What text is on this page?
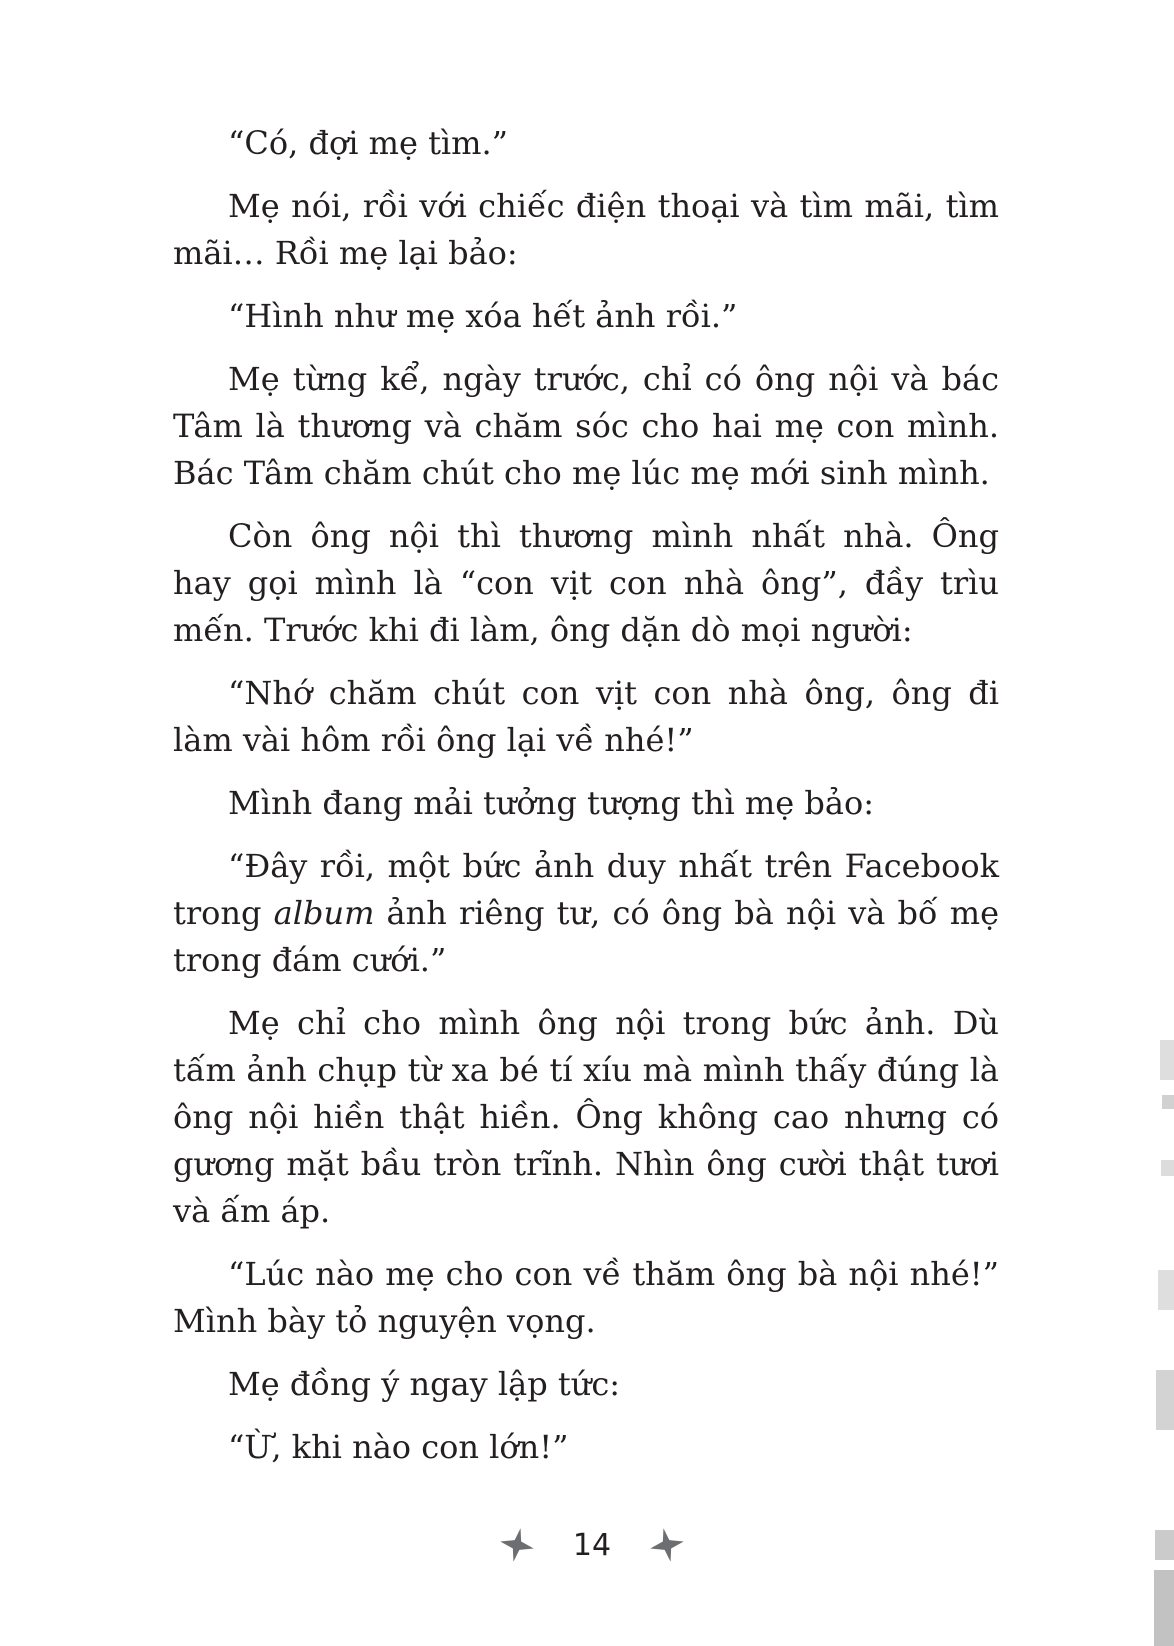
“Có, đợi mẹ tìm.”

Mẹ nói, rồi với chiếc điện thoại và tìm mãi, tìm mãi… Rồi mẹ lại bảo:

“Hình như mẹ xóa hết ảnh rồi.”

Mẹ từng kể, ngày trước, chỉ có ông nội và bác Tâm là thương và chăm sóc cho hai mẹ con mình. Bác Tâm chăm chút cho mẹ lúc mẹ mới sinh mình.

Còn ông nội thì thương mình nhất nhà. Ông hay gọi mình là “con vịt con nhà ông”, đầy trìu mến. Trước khi đi làm, ông dặn dò mọi người:

“Nhớ chăm chút con vịt con nhà ông, ông đi làm vài hôm rồi ông lại về nhé!”

Mình đang mải tưởng tượng thì mẹ bảo:

“Đây rồi, một bức ảnh duy nhất trên Facebook trong album ảnh riêng tư, có ông bà nội và bố mẹ trong đám cưới.”

Mẹ chỉ cho mình ông nội trong bức ảnh. Dù tấm ảnh chụp từ xa bé tí xíu mà mình thấy đúng là ông nội hiền thật hiền. Ông không cao nhưng có gương mặt bầu tròn trĩnh. Nhìn ông cười thật tươi và ấm áp.

“Lúc nào mẹ cho con về thăm ông bà nội nhé!” Mình bày tỏ nguyện vọng.

Mẹ đồng ý ngay lập tức:

“Ừ, khi nào con lớn!”

14
